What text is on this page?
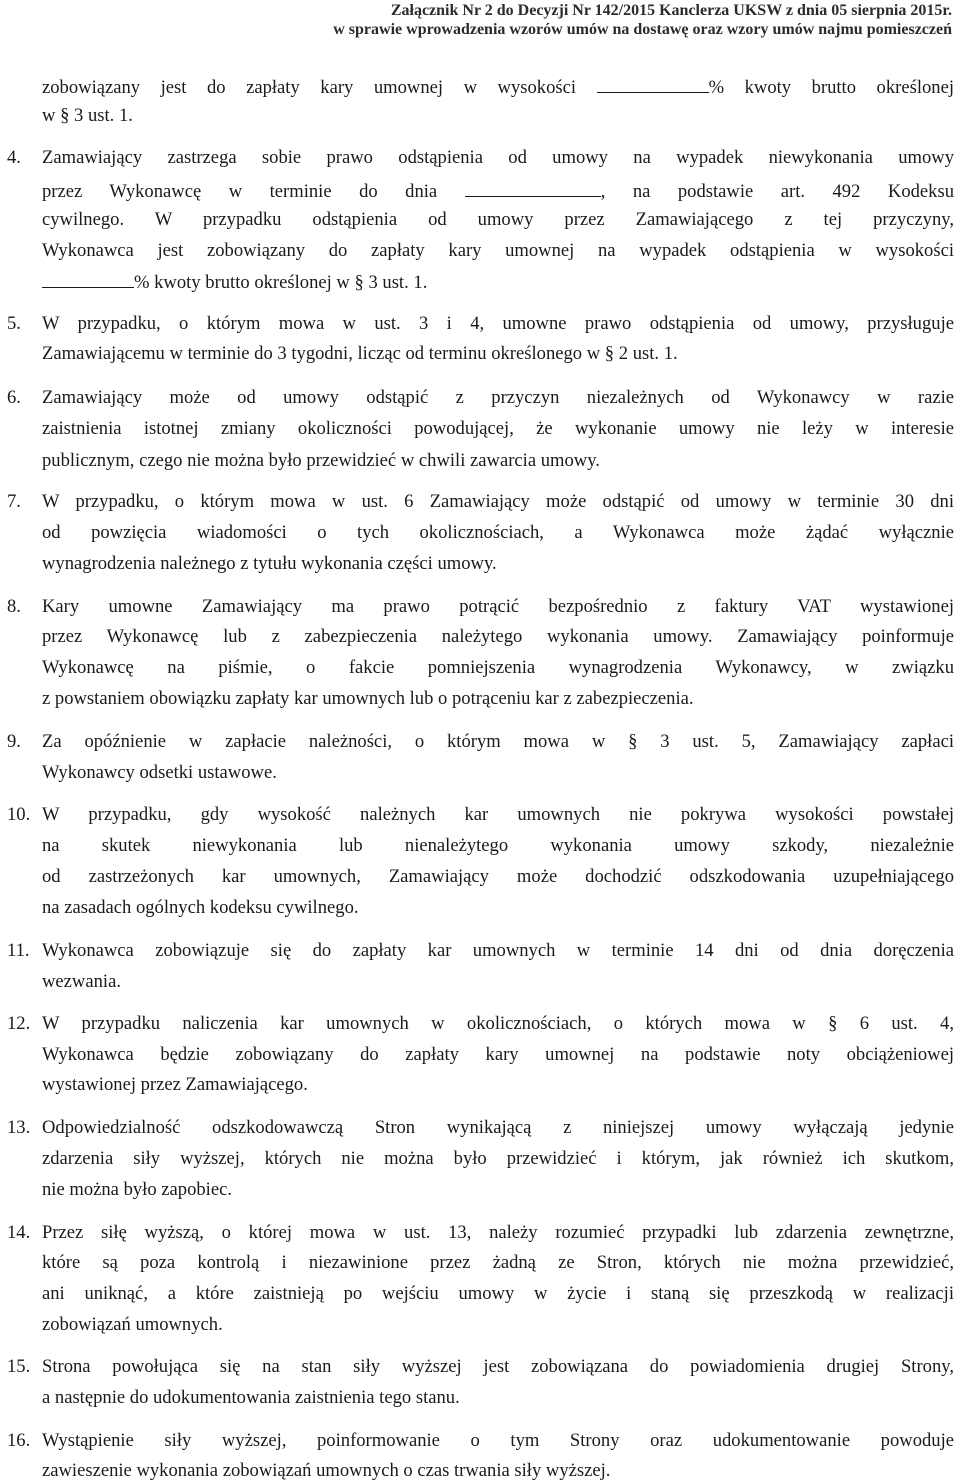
Załącznik Nr 2 do Decyzji Nr 142/2015 Kanclerza UKSW z dnia 05 sierpnia 2015r.
w sprawie wprowadzenia wzorów umów na dostawę oraz wzory umów najmu pomieszczeń
zobowiązany jest do zapłaty kary umownej w wysokości	% kwoty brutto określonej
w § 3 ust. 1.
4. Zamawiający zastrzega sobie prawo odstąpienia od umowy na wypadek niewykonania umowy
przez Wykonawcę w terminie do dnia	, na podstawie art. 492 Kodeksu
cywilnego. W przypadku odstąpienia od umowy przez Zamawiającego z tej przyczyny,
Wykonawca jest zobowiązany do zapłaty kary umownej na wypadek odstąpienia w wysokości
% kwoty brutto określonej w § 3 ust. 1.
5. W przypadku, o którym mowa w ust. 3 i 4, umowne prawo odstąpienia od umowy, przysługuje
Zamawiającemu w terminie do 3 tygodni, licząc od terminu określonego w § 2 ust. 1.
6. Zamawiający może od umowy odstąpić z przyczyn niezależnych od Wykonawcy w razie
zaistnienia istotnej zmiany okoliczności powodującej, że wykonanie umowy nie leży w interesie
publicznym, czego nie można było przewidzieć w chwili zawarcia umowy.
7. W przypadku, o którym mowa w ust. 6 Zamawiający może odstąpić od umowy w terminie 30 dni
od powzięcia wiadomości o tych okolicznościach, a Wykonawca może żądać wyłącznie
wynagrodzenia należnego z tytułu wykonania części umowy.
8. Kary umowne Zamawiający ma prawo potrącić bezpośrednio z faktury VAT wystawionej
przez Wykonawcę lub z zabezpieczenia należytego wykonania umowy. Zamawiający poinformuje
Wykonawcę na piśmie, o fakcie pomniejszenia wynagrodzenia Wykonawcy, w związku
z powstaniem obowiązku zapłaty kar umownych lub o potrąceniu kar z zabezpieczenia.
9. Za opóźnienie w zapłacie należności, o którym mowa w § 3 ust. 5, Zamawiający zapłaci
Wykonawcy odsetki ustawowe.
10. W przypadku, gdy wysokość należnych kar umownych nie pokrywa wysokości powstałej
na skutek niewykonania lub nienależytego wykonania umowy szkody, niezależnie
od zastrzeżonych kar umownych, Zamawiający może dochodzić odszkodowania uzupełniającego
na zasadach ogólnych kodeksu cywilnego.
11. Wykonawca zobowiązuje się do zapłaty kar umownych w terminie 14 dni od dnia doręczenia
wezwania.
12. W przypadku naliczenia kar umownych w okolicznościach, o których mowa w § 6 ust. 4,
Wykonawca będzie zobowiązany do zapłaty kary umownej na podstawie noty obciążeniowej
wystawionej przez Zamawiającego.
13. Odpowiedzialność odszkodowawczą Stron wynikającą z niniejszej umowy wyłączają jedynie
zdarzenia siły wyższej, których nie można było przewidzieć i którym, jak również ich skutkom,
nie można było zapobiec.
14. Przez siłę wyższą, o której mowa w ust. 13, należy rozumieć przypadki lub zdarzenia zewnętrzne,
które są poza kontrolą i niezawinione przez żadną ze Stron, których nie można przewidzieć,
ani uniknąć, a które zaistnieją po wejściu umowy w życie i staną się przeszkodą w realizacji
zobowiązań umownych.
15. Strona powołująca się na stan siły wyższej jest zobowiązana do powiadomienia drugiej Strony,
a następnie do udokumentowania zaistnienia tego stanu.
16. Wystąpienie siły wyższej, poinformowanie o tym Strony oraz udokumentowanie powoduje
zawieszenie wykonania zobowiązań umownych o czas trwania siły wyższej.
